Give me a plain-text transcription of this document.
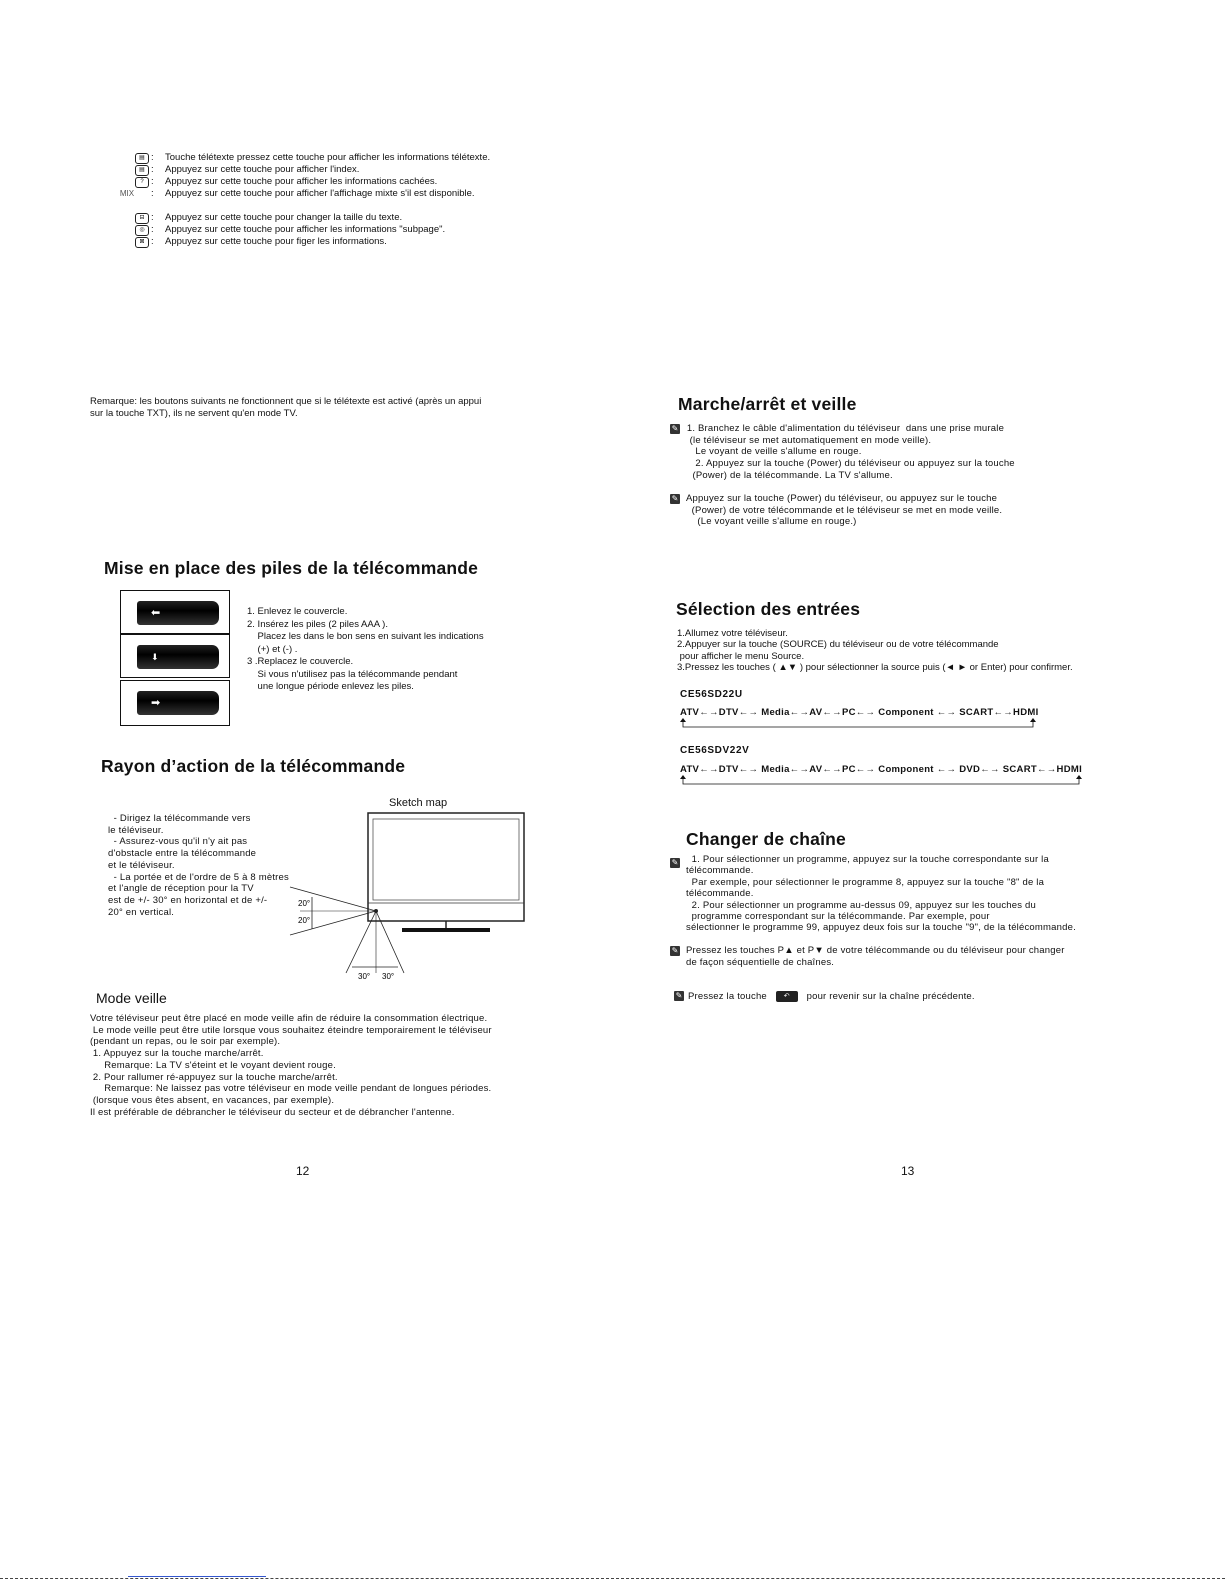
Remarque: les boutons suivants ne fonctionnent que si le télétexte est activé (après un appui
sur la touche TXT), ils ne servent qu'en mode TV.
▤ : Touche télétexte pressez cette touche pour afficher les informations télétexte.
▤ : Appuyez sur cette touche pour afficher l'index.
? : Appuyez sur cette touche pour afficher les informations cachées.
MIX	: Appuyez sur cette touche pour afficher l'affichage mixte s'il est disponible.
⊟ : Appuyez sur cette touche pour changer la taille du texte.
◎ : Appuyez sur cette touche pour afficher les informations "subpage".
⊠ : Appuyez sur cette touche pour figer les informations.
Mise en place des piles de la télécommande
⬅
⬇
➡
1. Enlevez le couvercle.
2. Insérez les piles (2 piles AAA ).
Placez les dans le bon sens en suivant les indications
(+) et (-) .
3 .Replacez le couvercle.
Si vous n'utilisez pas la télécommande pendant
une longue période enlevez les piles.
Rayon d’action de la télécommande
- Dirigez la télécommande vers
le téléviseur.
- Assurez-vous qu'il n'y ait pas
d'obstacle entre la télécommande
et le téléviseur.
- La portée et de l'ordre de 5 à 8 mètres
et l'angle de réception pour la TV
est de +/- 30° en horizontal et de +/-
20° en vertical.
Sketch map
20°
20°
30° 30°
Mode veille
Votre téléviseur peut être placé en mode veille afin de réduire la consommation électrique.
Le mode veille peut être utile lorsque vous souhaitez éteindre temporairement le téléviseur
(pendant un repas, ou le soir par exemple).
1. Appuyez sur la touche marche/arrêt.
Remarque: La TV s'éteint et le voyant devient rouge.
2. Pour rallumer ré-appuyez sur la touche marche/arrêt.
Remarque: Ne laissez pas votre téléviseur en mode veille pendant de longues périodes.
(lorsque vous êtes absent, en vacances, par exemple).
Il est préférable de débrancher le téléviseur du secteur et de débrancher l'antenne.
12
Marche/arrêt et veille
✎ 1. Branchez le câble d'alimentation du téléviseur  dans une prise murale
(le téléviseur se met automatiquement en mode veille).
Le voyant de veille s'allume en rouge.
2. Appuyez sur la touche (Power) du téléviseur ou appuyez sur la touche
(Power) de la télécommande. La TV s'allume.
✎ Appuyez sur la touche (Power) du téléviseur, ou appuyez sur le touche
(Power) de votre télécommande et le téléviseur se met en mode veille.
(Le voyant veille s'allume en rouge.)
Sélection des entrées
1.Allumez votre téléviseur.
2.Appuyer sur la touche (SOURCE) du téléviseur ou de votre télécommande
pour afficher le menu Source.
3.Pressez les touches ( ▲▼ ) pour sélectionner la source puis (◄ ► or Enter) pour confirmer.
CE56SD22U
ATV←→DTV←→ Media←→AV←→PC←→ Component ←→ SCART←→HDMI
CE56SDV22V
ATV←→DTV←→ Media←→AV←→PC←→ Component ←→ DVD←→ SCART←→HDMI
Changer de chaîne
✎ 1. Pour sélectionner un programme, appuyez sur la touche correspondante sur la
télécommande.
Par exemple, pour sélectionner le programme 8, appuyez sur la touche "8" de la
télécommande.
2. Pour sélectionner un programme au-dessus 09, appuyez sur les touches du
programme correspondant sur la télécommande. Par exemple, pour
sélectionner le programme 99, appuyez deux fois sur la touche "9", de la télécommande.
✎ Pressez les touches P▲ et P▼ de votre télécommande ou du téléviseur pour changer
de façon séquentielle de chaînes.
✎ Pressez la touche ↶ pour revenir sur la chaîne précédente.
13
